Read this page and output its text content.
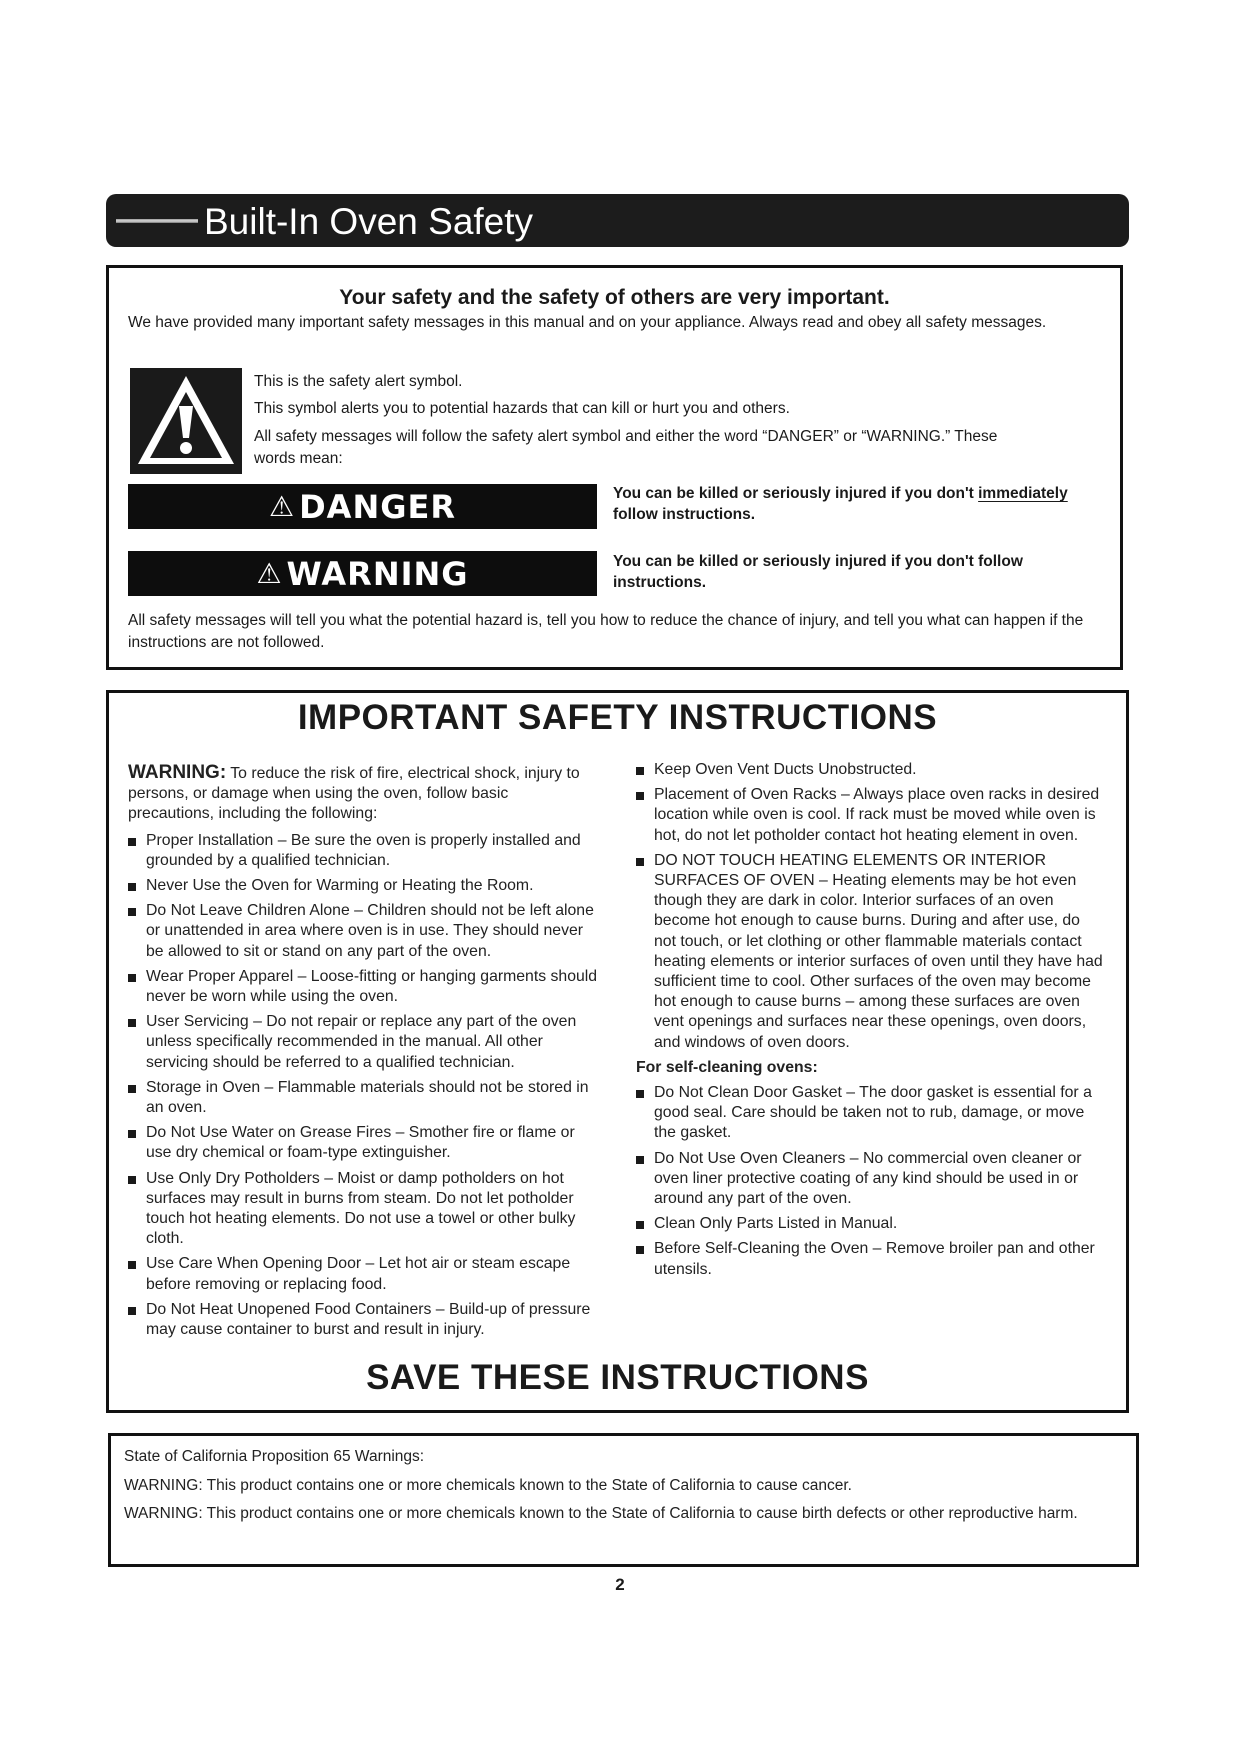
Built-In Oven Safety
Your safety and the safety of others are very important.
We have provided many important safety messages in this manual and on your appliance. Always read and obey all safety messages.
This is the safety alert symbol.
This symbol alerts you to potential hazards that can kill or hurt you and others.
All safety messages will follow the safety alert symbol and either the word “DANGER” or “WARNING.” These words mean:
⚠ DANGER	You can be killed or seriously injured if you don't immediately follow instructions.
⚠ WARNING	You can be killed or seriously injured if you don't follow instructions.
All safety messages will tell you what the potential hazard is, tell you how to reduce the chance of injury, and tell you what can happen if the instructions are not followed.
IMPORTANT SAFETY INSTRUCTIONS
WARNING: To reduce the risk of fire, electrical shock, injury to persons, or damage when using the oven, follow basic precautions, including the following:
Proper Installation – Be sure the oven is properly installed and grounded by a qualified technician.
Never Use the Oven for Warming or Heating the Room.
Do Not Leave Children Alone – Children should not be left alone or unattended in area where oven is in use. They should never be allowed to sit or stand on any part of the oven.
Wear Proper Apparel – Loose-fitting or hanging garments should never be worn while using the oven.
User Servicing – Do not repair or replace any part of the oven unless specifically recommended in the manual. All other servicing should be referred to a qualified technician.
Storage in Oven – Flammable materials should not be stored in an oven.
Do Not Use Water on Grease Fires – Smother fire or flame or use dry chemical or foam-type extinguisher.
Use Only Dry Potholders – Moist or damp potholders on hot surfaces may result in burns from steam. Do not let potholder touch hot heating elements. Do not use a towel or other bulky cloth.
Use Care When Opening Door – Let hot air or steam escape before removing or replacing food.
Do Not Heat Unopened Food Containers – Build-up of pressure may cause container to burst and result in injury.
Keep Oven Vent Ducts Unobstructed.
Placement of Oven Racks – Always place oven racks in desired location while oven is cool. If rack must be moved while oven is hot, do not let potholder contact hot heating element in oven.
DO NOT TOUCH HEATING ELEMENTS OR INTERIOR SURFACES OF OVEN – Heating elements may be hot even though they are dark in color. Interior surfaces of an oven become hot enough to cause burns. During and after use, do not touch, or let clothing or other flammable materials contact heating elements or interior surfaces of oven until they have had sufficient time to cool. Other surfaces of the oven may become hot enough to cause burns – among these surfaces are oven vent openings and surfaces near these openings, oven doors, and windows of oven doors.
For self-cleaning ovens:
Do Not Clean Door Gasket – The door gasket is essential for a good seal. Care should be taken not to rub, damage, or move the gasket.
Do Not Use Oven Cleaners – No commercial oven cleaner or oven liner protective coating of any kind should be used in or around any part of the oven.
Clean Only Parts Listed in Manual.
Before Self-Cleaning the Oven – Remove broiler pan and other utensils.
SAVE THESE INSTRUCTIONS
State of California Proposition 65 Warnings:
WARNING: This product contains one or more chemicals known to the State of California to cause cancer.
WARNING: This product contains one or more chemicals known to the State of California to cause birth defects or other reproductive harm.
2
